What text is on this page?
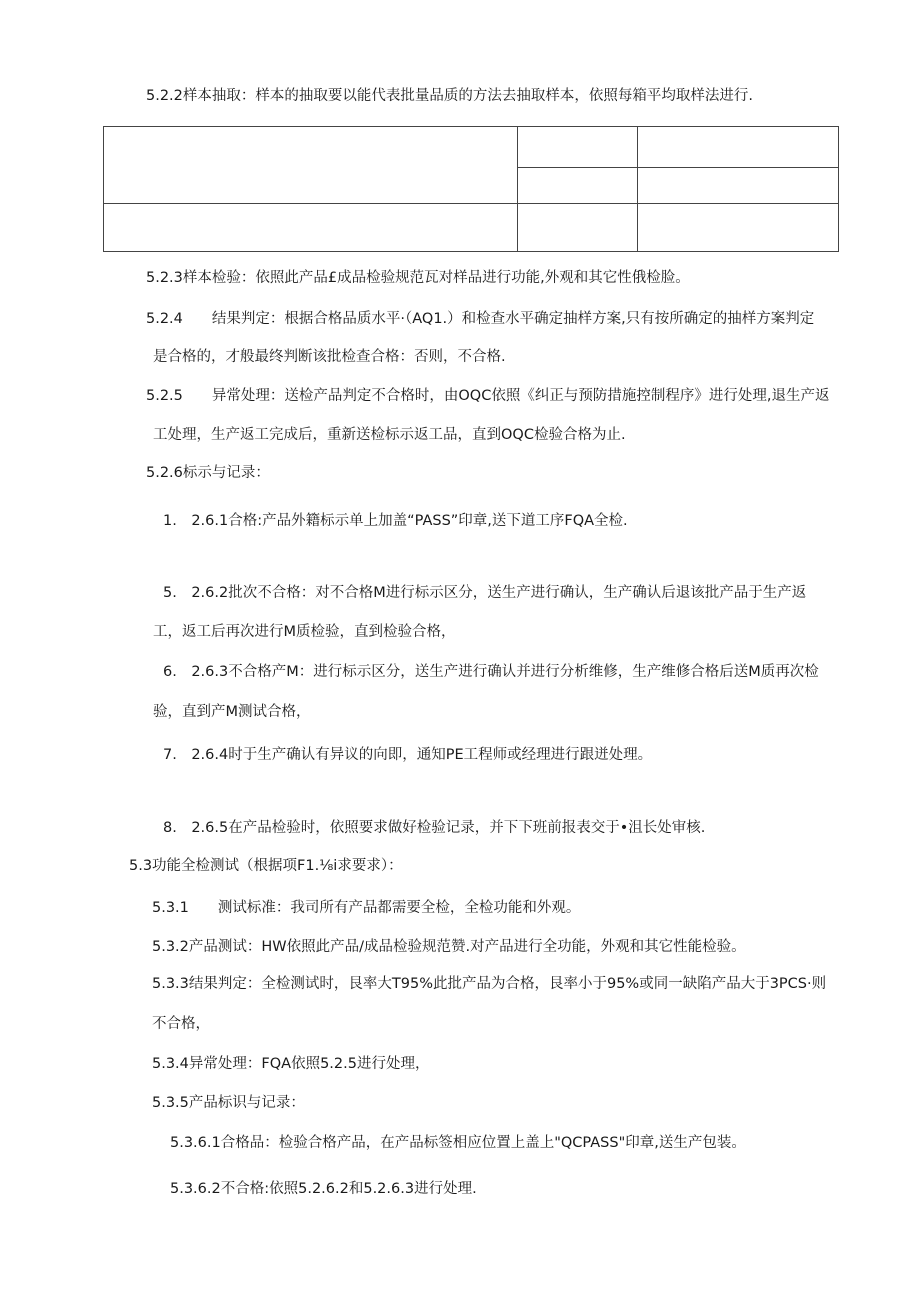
5.2.2样本抽取：样本的抽取要以能代表批量品质的方法去抽取样本，依照每箱平均取样法进行.
5.2.3样本检验：依照此产品£成品检验规范瓦对样品进行功能,外观和其它性俄检脸。
5.2.4　　结果判定：根据合格品质水平·（AQ1.）和检查水平确定抽样方案,只有按所确定的抽样方案判定
是合格的，才般最终判断该批检查合格：否则，不合格.
5.2.5　　异常处理：送检产品判定不合格时，由OQC依照《纠正与预防措施控制程序》进行处理,退生产返
工处理，生产返工完成后，重新送检标示返工品，直到OQC检验合格为止.
5.2.6标示与记录：
1.　2.6.1合格:产品外籍标示单上加盖“PASS”印章,送下道工序FQA全检.
5.　2.6.2批次不合格：对不合格M进行标示区分，送生产进行确认，生产确认后退该批产品于生产返
工，返工后再次进行M质检验，直到检验合格，
6.　2.6.3不合格产M：进行标示区分，送生产进行确认并进行分析维修，生产维修合格后送M质再次检
验，直到产M测试合格，
7.　2.6.4时于生产确认有异议的向即，通知PE工程师或经理进行跟迸处理。
8.　2.6.5在产品检验时，依照要求做好检验记录，并下下班前报表交于•沮长处审核.
5.3功能全检测试（根据项F1.⅛i求要求）：
5.3.1　　测试标准：我司所有产品都需要全检，全检功能和外观。
5.3.2产品测试：HW依照此产品/成品检验规范赞.对产品进行全功能，外观和其它性能检验。
5.3.3结果判定：全检测试时，艮率大T95%此批产品为合格，艮率小于95%或同一缺陷产品大于3PCS·则
不合格，
5.3.4异常处理：FQA依照5.2.5进行处理，
5.3.5产品标识与记录：
5.3.6.1合格品：检验合格产品，在产品标签相应位置上盖上"QCPASS"印章,送生产包装。
5.3.6.2不合格:依照5.2.6.2和5.2.6.3进行处理.
